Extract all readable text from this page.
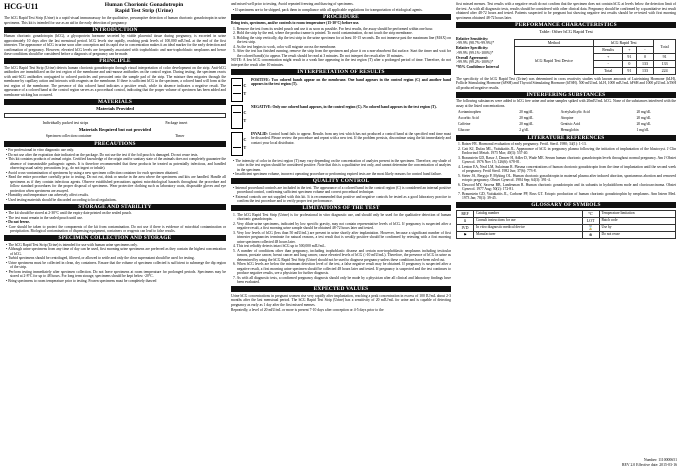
HCG-U11	Human Chorionic Gonadotropin
Rapid Test Strip (Urine)

The hCG Rapid Test Strip (Urine) is a rapid visual immunoassay for the qualitative, presumptive detection of human chorionic gonadotropin in urine specimens. This kit is intended for use as an aid in the early detection of pregnancy.

INTRODUCTION

Human chorionic gonadotropin (hCG), a glycoprotein hormone secreted by viable placental tissue during pregnancy, is excreted in urine approximately 10 days after the last menstrual period. hCG levels rise rapidly, reaching peak levels of 100,000 mIU/mL at the end of the first trimester. The appearance of hCG in urine soon after conception and its rapid rise in concentration makes it an ideal marker for the early detection and confirmation of pregnancy. However, elevated hCG levels are frequently associated with trophoblastic and non-trophoblastic neoplasms and hence these conditions should be considered before a diagnosis of pregnancy can be made.

PRINCIPLE

The hCG Rapid Test Strip (Urine) detects human chorionic gonadotropin through visual interpretation of color development on the strip. Anti-hCG antibodies are immobilized on the test region of the membrane and anti-mouse antibodies on the control region. During testing, the specimen reacts with anti-hCG antibodies conjugated to colored particles and precoated onto the sample pad of the strip. The mixture then migrates through the membrane by capillary action and interacts with reagents on the membrane. If there is sufficient hCG in the specimen, a colored band will form at the test region of the membrane. The presence of this colored band indicates a positive result, while its absence indicates a negative result. The appearance of a colored band at the control region serves as a procedural control, indicating that the proper volume of specimen has been added and membrane wicking has occurred.

MATERIALS
Materials Provided
Individually packed test strips	Package insert
Materials Required but not provided
Specimen collection container	Timer
PRECAUTIONS

• For professional in vitro diagnostic use only.

• Do not use after the expiration date indicated on the package. Do not use the test if the foil pouch is damaged. Do not reuse tests.

• This kit contains products of animal origin. Certified knowledge of the origin and/or sanitary state of the animals does not completely guarantee the absence of transmissible pathogenic agents. It is therefore recommended that these products be treated as potentially infectious, and handled observing usual safety precautions (e.g., do not ingest or inhale).

• Avoid cross-contamination of specimens by using a new specimen collection container for each specimen obtained.

• Read the entire procedure carefully prior to testing. Do not eat, drink or smoke in the area where the specimens and kits are handled. Handle all specimens as if they contain infectious agents. Observe established precautions against microbiological hazards throughout the procedure and follow standard procedures for the proper disposal of specimens. Wear protective clothing such as laboratory coats, disposable gloves and eye protection when specimens are assayed.

• Humidity and temperature can adversely affect results.

• Used testing materials should be discarded according to local regulations.

STORAGE AND STABILITY

• The kit should be stored at 2-30°C until the expiry date printed on the sealed pouch.

• The test must remain in the sealed pouch until use.

• Do not freeze.

• Care should be taken to protect the components of the kit from contamination. Do not use if there is evidence of microbial contamination or precipitation. Biological contamination of dispensing equipment, containers or reagents can lead to false results.

SPECIMEN COLLECTION AND STORAGE

• The hCG Rapid Test Strip (Urine) is intended for use with human urine specimens only.

• Although urine specimens from any time of day can be used, first morning urine specimens are preferred as they contain the highest concentration of hCG.

• Turbid specimens should be centrifuged, filtered, or allowed to settle and only the clear supernatant should be used for testing.

• Urine specimens must be collected in clean, dry containers. Ensure that the volume of specimen collected is sufficient to submerge the dip region of the strip.

• Perform testing immediately after specimen collection. Do not leave specimens at room temperature for prolonged periods. Specimens may be stored at 2-8°C for up to 48 hours. For long term storage, specimens should be kept below -20°C.

• Bring specimens to room temperature prior to testing. Frozen specimens must be completely thawed

and mixed well prior to testing. Avoid repeated freezing and thawing of specimens.

• If specimens are to be shipped, pack them in compliance with all applicable regulations for transportation of etiological agents.

PROCEDURE

Bring tests, specimens, and/or controls to room temperature (15-30°C) before use.

1. Remove the test from its sealed pouch and use it as soon as possible. For best results, the assay should be performed within one hour.

2. Hold the strip by the end, where the product name is printed. To avoid contamination, do not touch the strip membrane.

3. Holding the strip vertically, dip the test strip in the urine specimen for at least 10-15 seconds. Do not immerse past the maximum line (MAX) on the test strip.

4. As the test begins to work, color will migrate across the membrane.

5. After the test has finished running, remove the strip from the specimen and place it on a non-absorbent flat surface. Start the timer and wait for the colored band(s) to appear. The result should be read at 3 minutes. Do not interpret the result after 10 minutes.

NOTE: A low hCG concentration might result in a weak line appearing in the test region (T) after a prolonged period of time. Therefore, do not interpret the result after 10 minutes.

INTERPRETATION OF RESULTS
C
T
POSITIVE: Two colored bands appear on the membrane. One band appears in the control region (C) and another band appears in the test region (T).
C
T
NEGATIVE: Only one colored band appears, in the control region (C). No colored band appears in the test region (T).
C
T
INVALID: Control band fails to appear. Results from any test which has not produced a control band at the specified read time must be discarded. Please review the procedure and repeat with a new test. If the problem persists, discontinue using the kit immediately and contact your local distributor.

• The intensity of color in the test region (T) may vary depending on the concentration of analytes present in the specimen. Therefore, any shade of color in the test region should be considered positive. Note that this is a qualitative test only, and cannot determine the concentration of analytes in the specimen.

• Insufficient specimen volume, incorrect operating procedure or performing expired tests are the most likely reasons for control band failure.

QUALITY CONTROL

• Internal procedural controls are included in the test. The appearance of a colored band in the control region (C) is considered an internal positive procedural control, confirming sufficient specimen volume and correct procedural technique.

• External controls are not supplied with this kit. It is recommended that positive and negative controls be tested as a good laboratory practice to confirm the test procedure and to verify proper test performance.

LIMITATIONS OF THE TEST

1. The hCG Rapid Test Strip (Urine) is for professional in vitro diagnostic use, and should only be used for the qualitative detection of human chorionic gonadotropin.

2. Very dilute urine specimens, indicated by low specific gravity, may not contain representative levels of hCG. If pregnancy is suspected after a negative result, a first morning urine sample should be obtained 48-72 hours later and tested.

3. Very low levels of hCG (less than 50 mIU/mL) are present in urine shortly after implantation. However, because a significant number of first trimester pregnancies terminate for natural reasons, a test result that is weakly positive should be confirmed by retesting with a first morning urine specimen collected 48 hours later.

4. This test reliably detects intact hCG up to 500,000 mIU/mL.

5. A number of conditions other than pregnancy, including trophoblastic disease and certain non-trophoblastic neoplasms including testicular tumors, prostate cancer, breast cancer and lung cancer, cause elevated levels of hCG (>10 mIU/mL). Therefore, the presence of hCG in urine as determined by using the hCG Rapid Test Strip (Urine) should not be used to diagnose pregnancy unless these conditions have been ruled out.

6. When hCG levels are below the minimum detection level of the test, a false negative result may be obtained. If pregnancy is suspected after a negative result, a first morning urine specimen should be collected 48 hours later and tested. If pregnancy is suspected and the test continues to produce negative results, see a physician for further diagnosis.

7. As with all diagnostic tests, a confirmed pregnancy diagnosis should only be made by a physician after all clinical and laboratory findings have been evaluated.

EXPECTED VALUES

Urine hCG concentrations in pregnant women rise very rapidly after implantation, reaching a peak concentration in excess of 100 IU/mL about 2-3 months after the last menstrual period. The hCG Rapid Test Strip (Urine) has a sensitivity of 20 mIU/mL for urine and is capable of detecting pregnancy as early as 1 day after the first missed menses.

Repeatedly, a level of 20 mIU/mL or more is present 7-10 days after conception or 4-5 days prior to the

first missed menses. Test results with a negative result do not confirm that the specimen does not contain hCG at levels below the detection limit of the test. As with all diagnostic tests, results should be considered with other clinical data. Pregnancy should be confirmed by a quantitative test result obtained after 48-72 hours and tested. Patients suspected to be pregnant but showing negative test results should be re-tested with first morning specimens obtained 48-72 hours later.

PERFORMANCE CHARACTERISTICS
Table: Other hCG Rapid Test
Relative Sensitivity:
>99.9% (98.7%-99.9%)*
Relative Specificity:
>99.9% (99.1%-100%)*
Overall Agreement:
>99.9% (99.2%-100%)*
*95% Confidence Interval
Method	hCG Rapid Test			Total
hCG Rapid Test Device	Results	+	-	
	+	91	0	91
	-	0	133	133
	Total	91	133	224

The specificity of the hCG Rapid Test (Urine) was determined in cross reactivity studies with known amounts of Luteinizing Hormone (hLH), Follicle Stimulating Hormone (hFSH) and Thyroid Stimulating Hormone (hTSH). 500 mIU/mL hLH, 1000 mIU/mL hFSH and 1000 µIU/mL hTSH all produced negative results.

INTERFERING SUBSTANCES

The following substances were added to hCG free urine and urine samples spiked with 20mIU/mL hCG. None of the substances interfered with the assay at the listed concentrations.

Acetaminophen	20 mg/dL	Acetylsalicylic Acid	20 mg/dL
Ascorbic Acid	20 mg/dL	Atropine	20 mg/dL
Caffeine	20 mg/dL	Gentisic Acid	20 mg/dL
Glucose	2 g/dL	Hemoglobin	1 mg/dL
LITERATURE REFERENCES

1. Batzer FR. Hormonal evaluation of early pregnancy. Fertil. Steril. 1980; 34(1): 1-13.

2. Catt KJ, Dufau ML, Vaitukaitis JL. Appearance of hCG in pregnancy plasma following the initiation of implantation of the blastocyst. J Clin Endocrinol Metab. 1975 Mar; 40(3): 537-40.

3. Braunstein GD, Rasor J, Danzer H, Adler D, Wade ME. Serum human chorionic gonadotropin levels throughout normal pregnancy. Am J Obstet Gynecol. 1976 Nov 15; 126(6): 678-81.

4. Lenton EA, Neal LM, Sulaiman R. Plasma concentrations of human chorionic gonadotropin from the time of implantation until the second week of pregnancy. Fertil Steril. 1982 Jun; 37(6): 773-8.

5. Steier JA, Bergsjo P, Myking OL. Human chorionic gonadotropin in maternal plasma after induced abortion, spontaneous abortion and removed ectopic pregnancy. Obstet Gynecol. 1984 Sep; 64(3): 391-4.

6. Dawood MY, Saxena BB, Landesman R. Human chorionic gonadotropin and its subunits in hydatidiform mole and choriocarcinoma. Obstet Gynecol. 1977 Aug; 50(2): 172-81.

7. Braunstein GD, Vaitukaitis JL, Carbone PP, Ross GT. Ectopic production of human chorionic gonadotrophin by neoplasms. Ann Intern Med. 1973 Jan; 78(1): 39-45.

GLOSSARY OF SYMBOLS
REF	Catalog number	℃	Temperature limitation
ℹ	Consult instructions for use	LOT	Batch code
IVD	In vitro diagnostic medical device	⌛	Use by
⚑	Manufacturer	⊗	Do not reuse
Number: 1110000651
REV 2.0 Effective date: 2015-03-16
